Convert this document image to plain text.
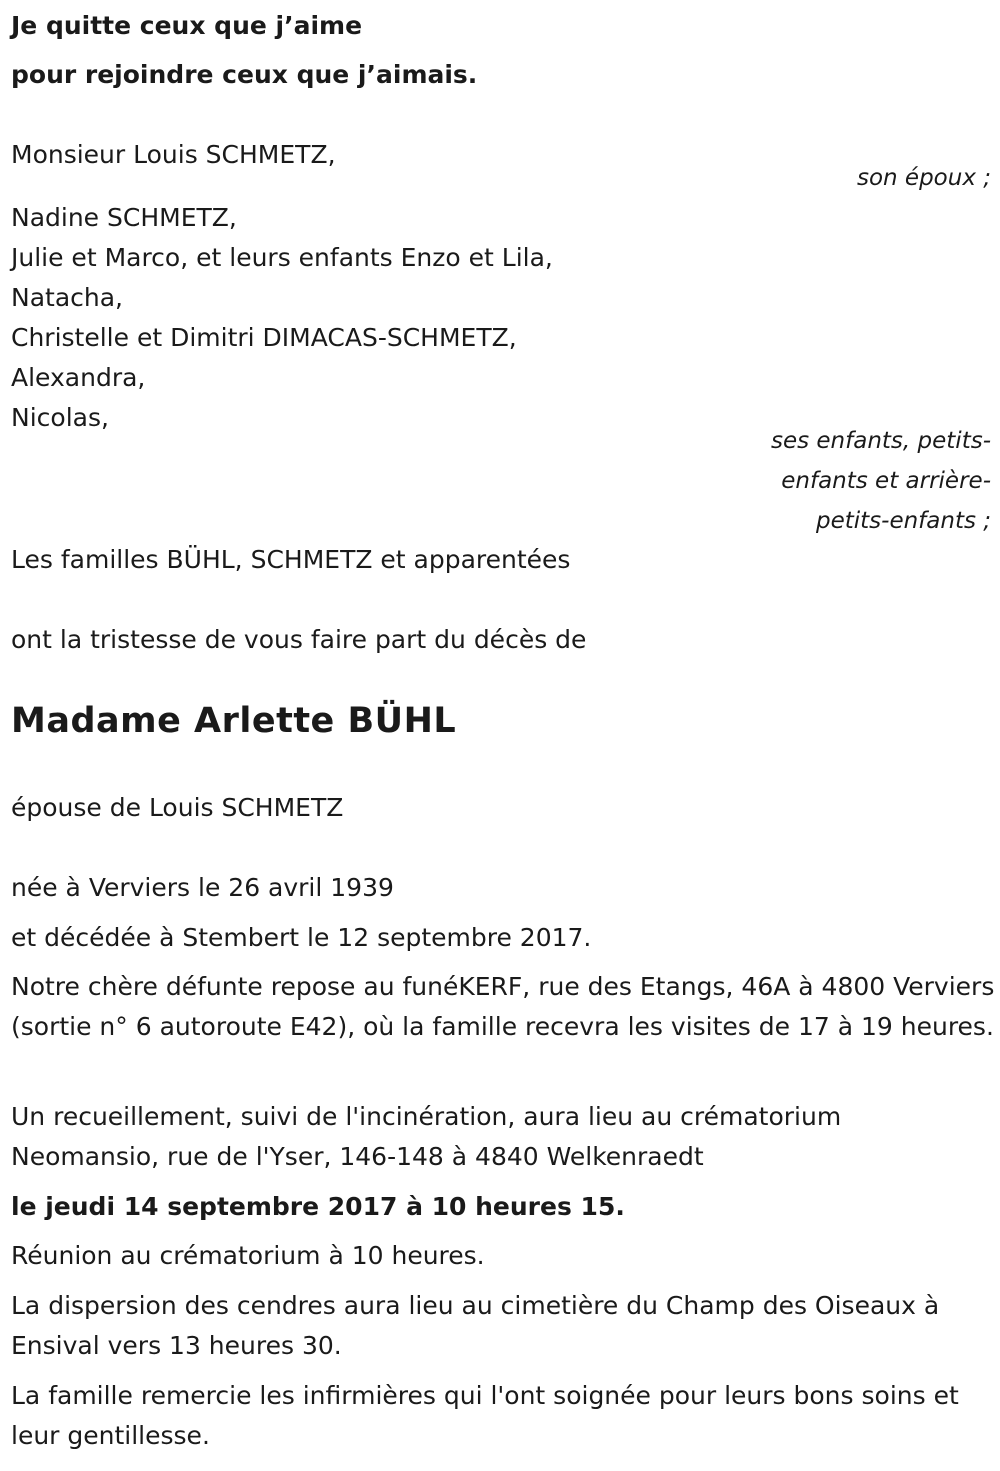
Je quitte ceux que j’aime

pour rejoindre ceux que j’aimais.

Monsieur Louis SCHMETZ,

son époux ;

Nadine SCHMETZ,

Julie et Marco, et leurs enfants Enzo et Lila,

Natacha,

Christelle et Dimitri DIMACAS-SCHMETZ,

Alexandra,

Nicolas,

ses enfants, petits-

enfants et arrière-

petits-enfants ;

Les familles BÜHL, SCHMETZ et apparentées

ont la tristesse de vous faire part du décès de

Madame Arlette BÜHL

épouse de Louis SCHMETZ

née à Verviers le 26 avril 1939

et décédée à Stembert le 12 septembre 2017.

Notre chère défunte repose au funéKERF, rue des Etangs, 46A à 4800 Verviers (sortie n° 6 autoroute E42), où la famille recevra les visites de 17 à 19 heures.

Un recueillement, suivi de l'incinération, aura lieu au crématorium Neomansio, rue de l'Yser, 146-148 à 4840 Welkenraedt

le jeudi 14 septembre 2017 à 10 heures 15.

Réunion au crématorium à 10 heures.

La dispersion des cendres aura lieu au cimetière du Champ des Oiseaux à Ensival vers 13 heures 30.

La famille remercie les infirmières qui l'ont soignée pour leurs bons soins et leur gentillesse.
